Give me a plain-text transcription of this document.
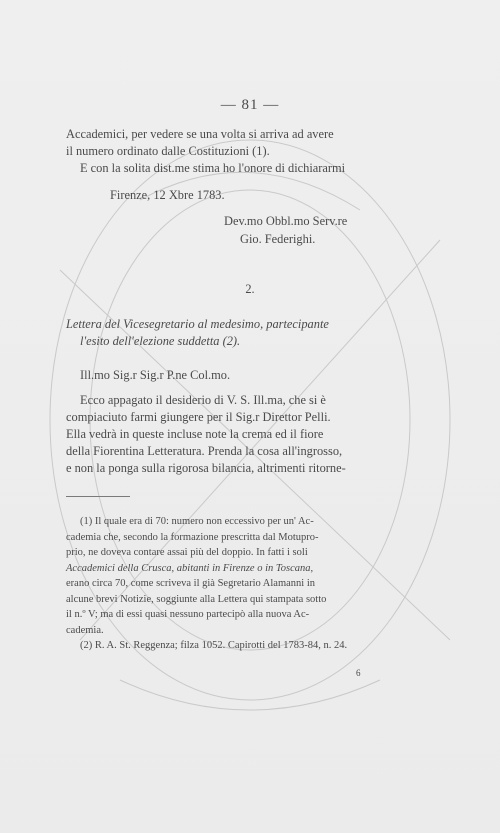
— 81 —
Accademici, per vedere se una volta si arriva ad avere
il numero ordinato dalle Costituzioni (1).
E con la solita dist.me stima ho l'onore di dichiararmi
Firenze, 12 Xbre 1783.
Dev.mo Obbl.mo Serv.re
Gio. Federighi.
2.
Lettera del Vicesegretario al medesimo, partecipante
l'esito dell'elezione suddetta (2).
Ill.mo Sig.r Sig.r P.ne Col.mo.
Ecco appagato il desiderio di V. S. Ill.ma, che si è
compiaciuto farmi giungere per il Sig.r Direttor Pelli.
Ella vedrà in queste incluse note la crema ed il fiore
della Fiorentina Letteratura. Prenda la cosa all'ingrosso,
e non la ponga sulla rigorosa bilancia, altrimenti ritorne-
(1) Il quale era di 70: numero non eccessivo per un' Ac-
cademia che, secondo la formazione prescritta dal Motupro-
prio, ne doveva contare assai più del doppio. In fatti i soli
Accademici della Crusca, abitanti in Firenze o in Toscana,
erano circa 70, come scriveva il già Segretario Alamanni in
alcune brevi Notizie, soggiunte alla Lettera qui stampata sotto
il n.º V; ma di essi quasi nessuno partecipò alla nuova Ac-
cademia.
(2) R. A. St. Reggenza; filza 1052. Capirotti del 1783-84, n. 24.
6
